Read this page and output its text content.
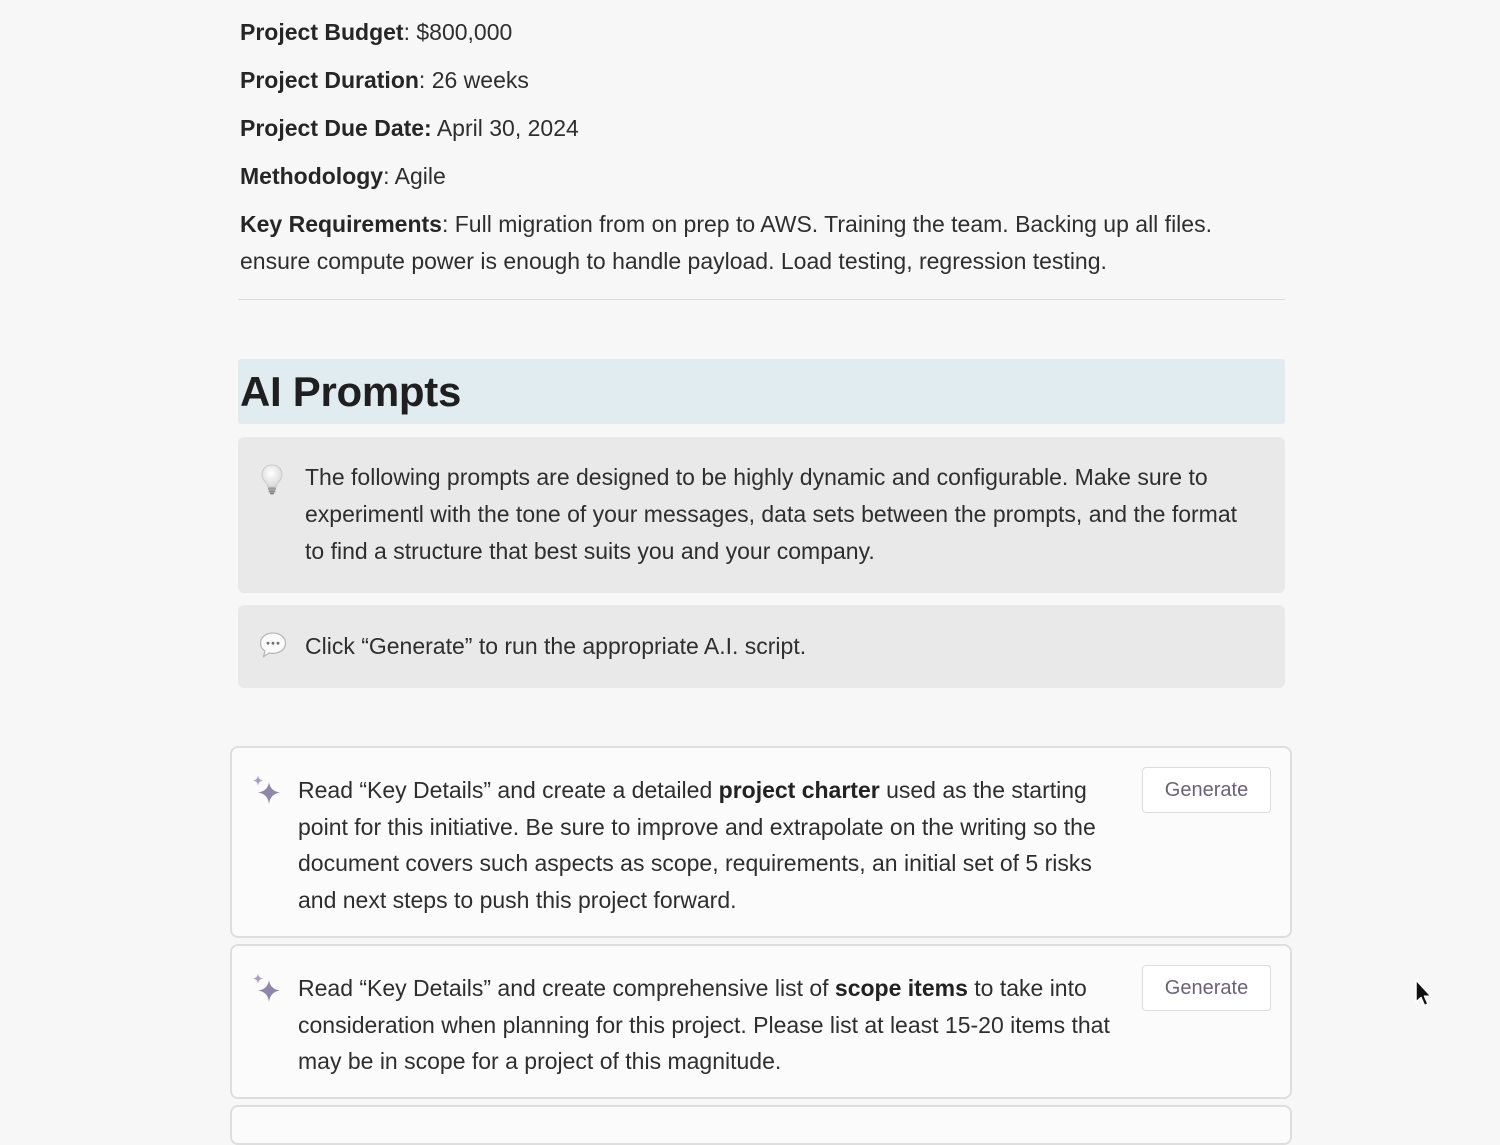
Project Budget: $800,000

Project Duration: 26 weeks

Project Due Date: April 30, 2024

Methodology: Agile

Key Requirements: Full migration from on prep to AWS. Training the team. Backing up all files. ensure compute power is enough to handle payload. Load testing, regression testing.

AI Prompts
The following prompts are designed to be highly dynamic and configurable. Make sure to experimentl with the tone of your messages, data sets between the prompts, and the format to find a structure that best suits you and your company.
Click “Generate” to run the appropriate A.I. script.
Read “Key Details” and create a detailed project charter used as the starting point for this initiative. Be sure to improve and extrapolate on the writing so the document covers such aspects as scope, requirements, an initial set of 5 risks and next steps to push this project forward.
Generate
Read “Key Details” and create comprehensive list of scope items to take into consideration when planning for this project. Please list at least 15-20 items that may be in scope for a project of this magnitude.
Generate
